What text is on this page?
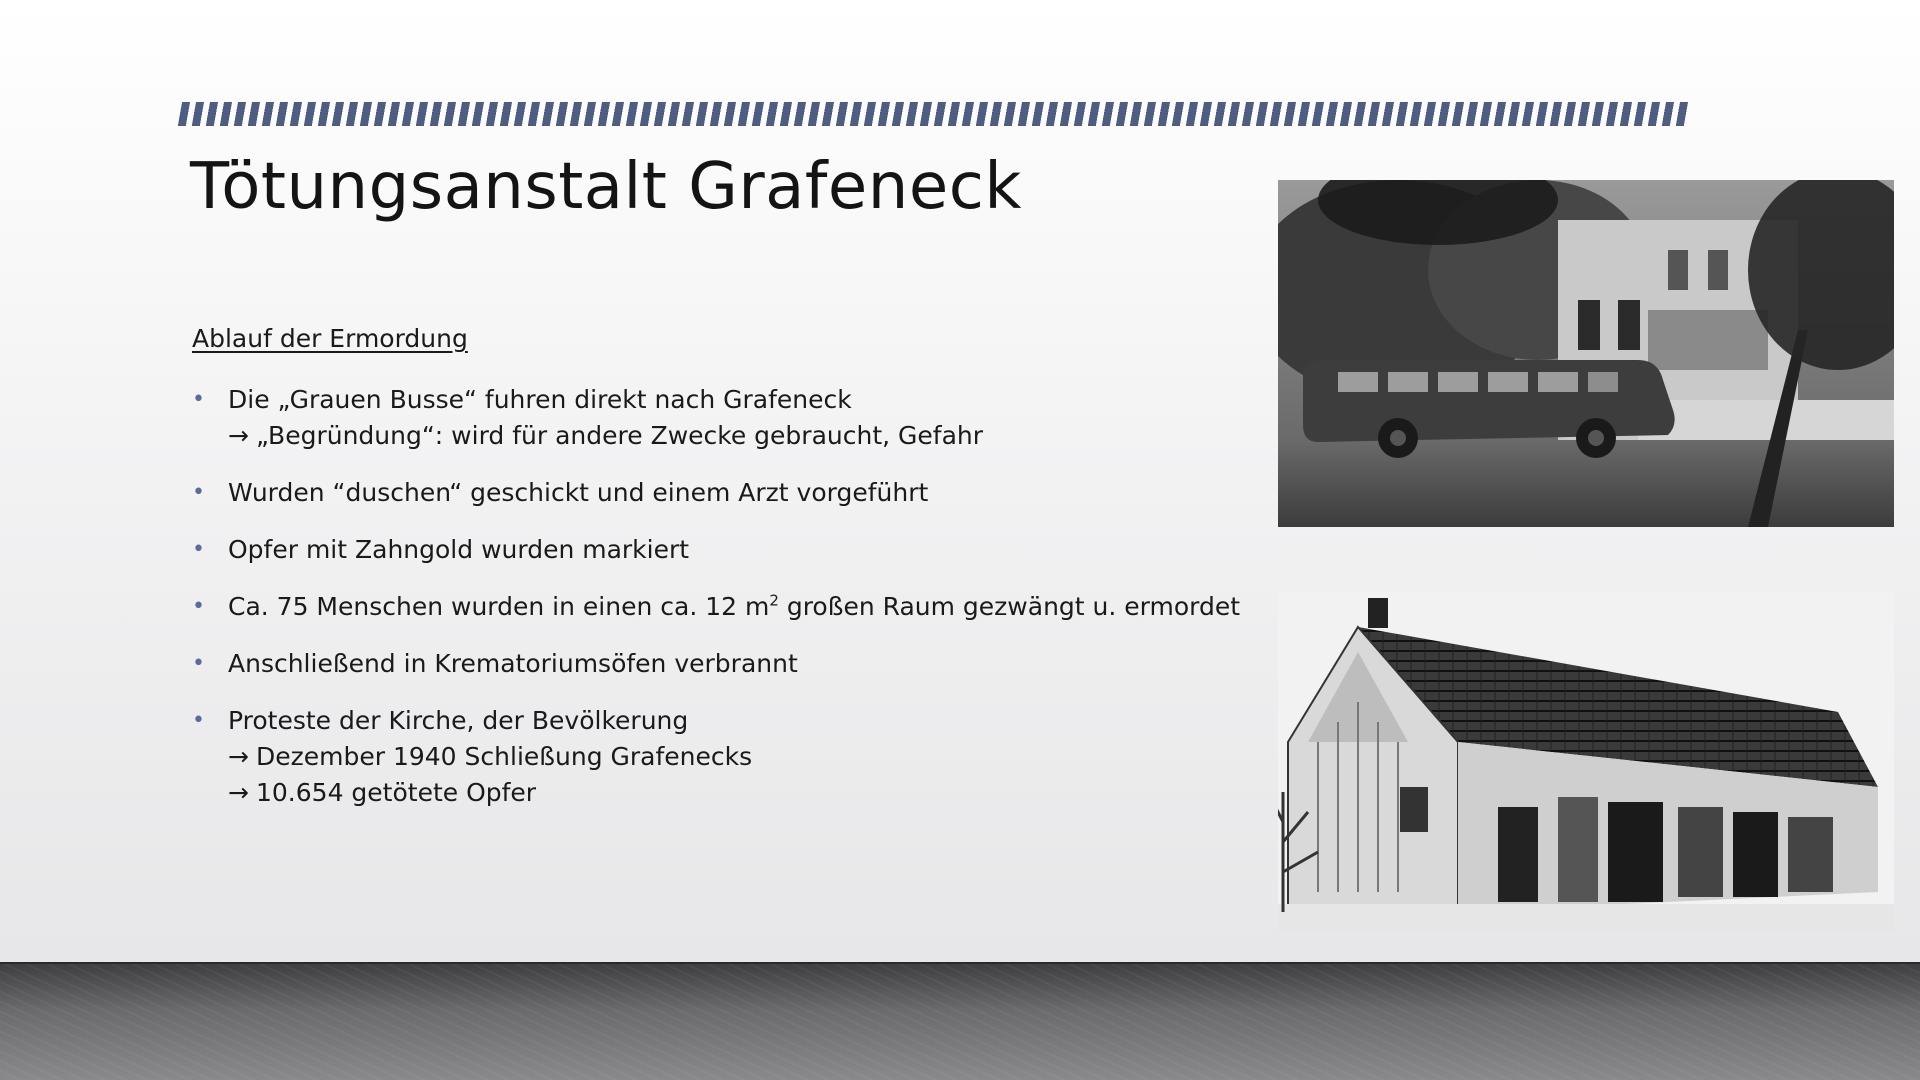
Tötungsanstalt Grafeneck
Ablauf der Ermordung
• Die „Grauen Busse“ fuhren direkt nach Grafeneck
→ „Begründung“: wird für andere Zwecke gebraucht, Gefahr
• Wurden “duschen“ geschickt und einem Arzt vorgeführt
• Opfer mit Zahngold wurden markiert
• Ca. 75 Menschen wurden in einen ca. 12 $m^2$ großen Raum gezwängt u. ermordet
• Anschließend in Krematoriumsöfen verbrannt
• Proteste der Kirche, der Bevölkerung
→ Dezember 1940 Schließung Grafenecks
→ 10.654 getötete Opfer
